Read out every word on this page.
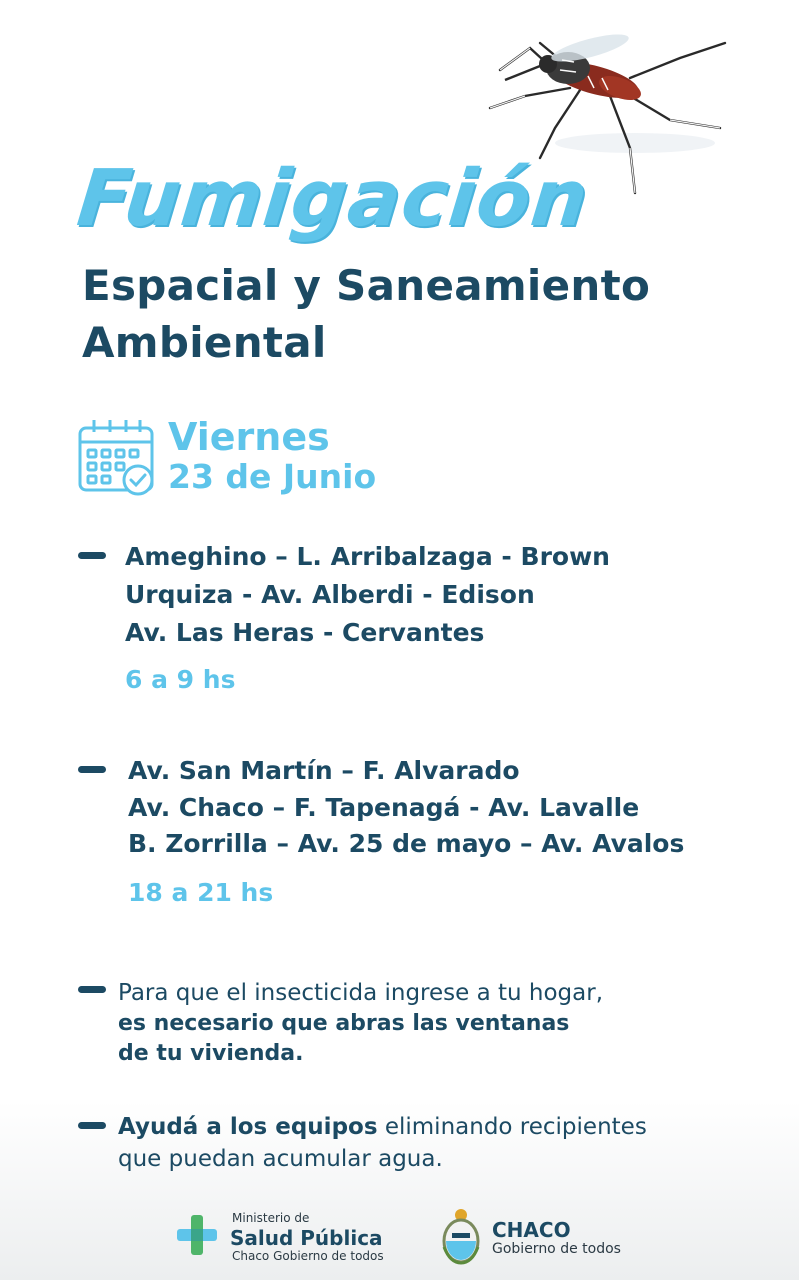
Fumigación
Espacial y Saneamiento
Ambiental
Viernes
23 de Junio
Ameghino – L. Arribalzaga - Brown
Urquiza - Av. Alberdi - Edison
Av. Las Heras - Cervantes
6 a 9 hs
Av. San Martín – F. Alvarado
Av. Chaco – F. Tapenagá - Av. Lavalle
B. Zorrilla – Av. 25 de mayo – Av. Avalos
18 a 21 hs
Para que el insecticida ingrese a tu hogar,
es necesario que abras las ventanas
de tu vivienda.
Ayudá a los equipos eliminando recipientes
que puedan acumular agua.
Ministerio de
Salud Pública
Chaco Gobierno de todos
CHACO
Gobierno de todos
